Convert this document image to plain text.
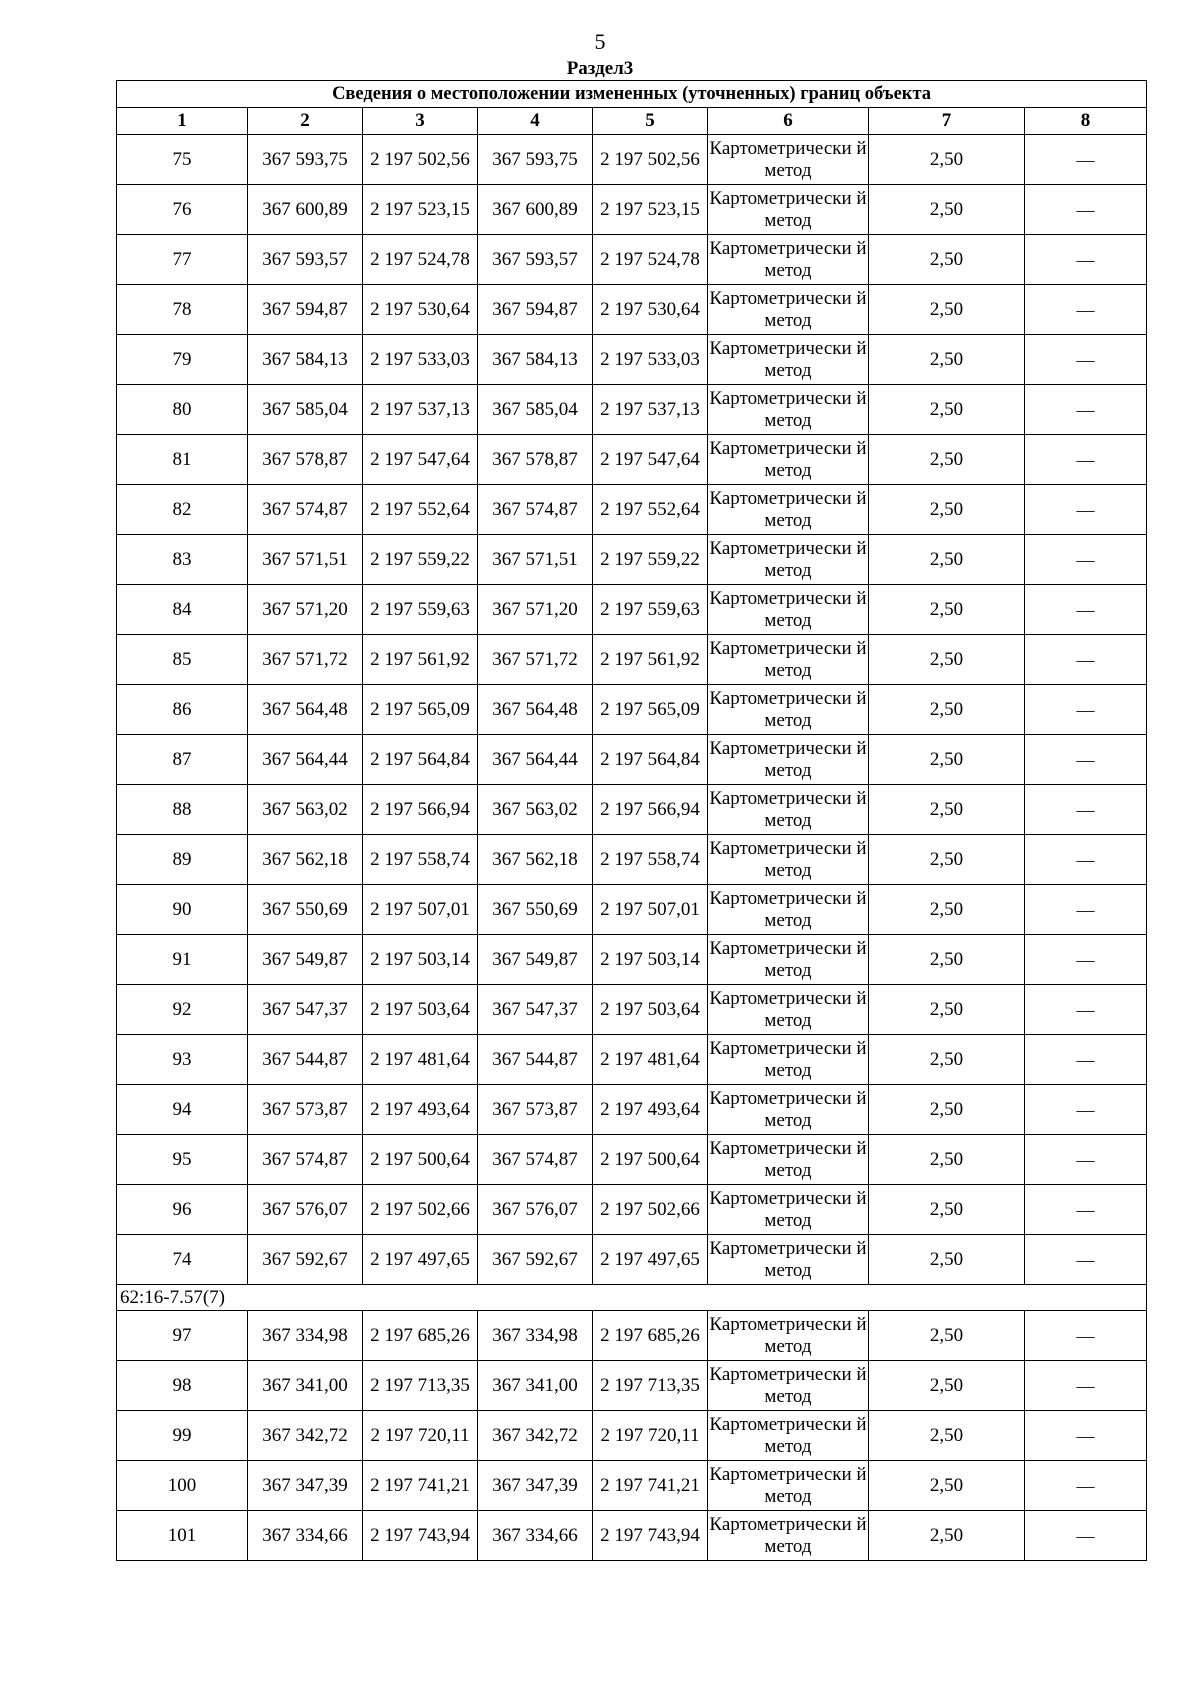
5
Раздел3
Сведения о местоположении измененных (уточненных) границ объекта							
1	2	3	4	5	6	7	8
75	367 593,75	2 197 502,56	367 593,75	2 197 502,56	Картометрически й метод	2,50	—
76	367 600,89	2 197 523,15	367 600,89	2 197 523,15	Картометрически й метод	2,50	—
77	367 593,57	2 197 524,78	367 593,57	2 197 524,78	Картометрически й метод	2,50	—
78	367 594,87	2 197 530,64	367 594,87	2 197 530,64	Картометрически й метод	2,50	—
79	367 584,13	2 197 533,03	367 584,13	2 197 533,03	Картометрически й метод	2,50	—
80	367 585,04	2 197 537,13	367 585,04	2 197 537,13	Картометрически й метод	2,50	—
81	367 578,87	2 197 547,64	367 578,87	2 197 547,64	Картометрически й метод	2,50	—
82	367 574,87	2 197 552,64	367 574,87	2 197 552,64	Картометрически й метод	2,50	—
83	367 571,51	2 197 559,22	367 571,51	2 197 559,22	Картометрически й метод	2,50	—
84	367 571,20	2 197 559,63	367 571,20	2 197 559,63	Картометрически й метод	2,50	—
85	367 571,72	2 197 561,92	367 571,72	2 197 561,92	Картометрически й метод	2,50	—
86	367 564,48	2 197 565,09	367 564,48	2 197 565,09	Картометрически й метод	2,50	—
87	367 564,44	2 197 564,84	367 564,44	2 197 564,84	Картометрически й метод	2,50	—
88	367 563,02	2 197 566,94	367 563,02	2 197 566,94	Картометрически й метод	2,50	—
89	367 562,18	2 197 558,74	367 562,18	2 197 558,74	Картометрически й метод	2,50	—
90	367 550,69	2 197 507,01	367 550,69	2 197 507,01	Картометрически й метод	2,50	—
91	367 549,87	2 197 503,14	367 549,87	2 197 503,14	Картометрически й метод	2,50	—
92	367 547,37	2 197 503,64	367 547,37	2 197 503,64	Картометрически й метод	2,50	—
93	367 544,87	2 197 481,64	367 544,87	2 197 481,64	Картометрически й метод	2,50	—
94	367 573,87	2 197 493,64	367 573,87	2 197 493,64	Картометрически й метод	2,50	—
95	367 574,87	2 197 500,64	367 574,87	2 197 500,64	Картометрически й метод	2,50	—
96	367 576,07	2 197 502,66	367 576,07	2 197 502,66	Картометрически й метод	2,50	—
74	367 592,67	2 197 497,65	367 592,67	2 197 497,65	Картометрически й метод	2,50	—
62:16-7.57(7)							
97	367 334,98	2 197 685,26	367 334,98	2 197 685,26	Картометрически й метод	2,50	—
98	367 341,00	2 197 713,35	367 341,00	2 197 713,35	Картометрически й метод	2,50	—
99	367 342,72	2 197 720,11	367 342,72	2 197 720,11	Картометрически й метод	2,50	—
100	367 347,39	2 197 741,21	367 347,39	2 197 741,21	Картометрически й метод	2,50	—
101	367 334,66	2 197 743,94	367 334,66	2 197 743,94	Картометрически й метод	2,50	—
